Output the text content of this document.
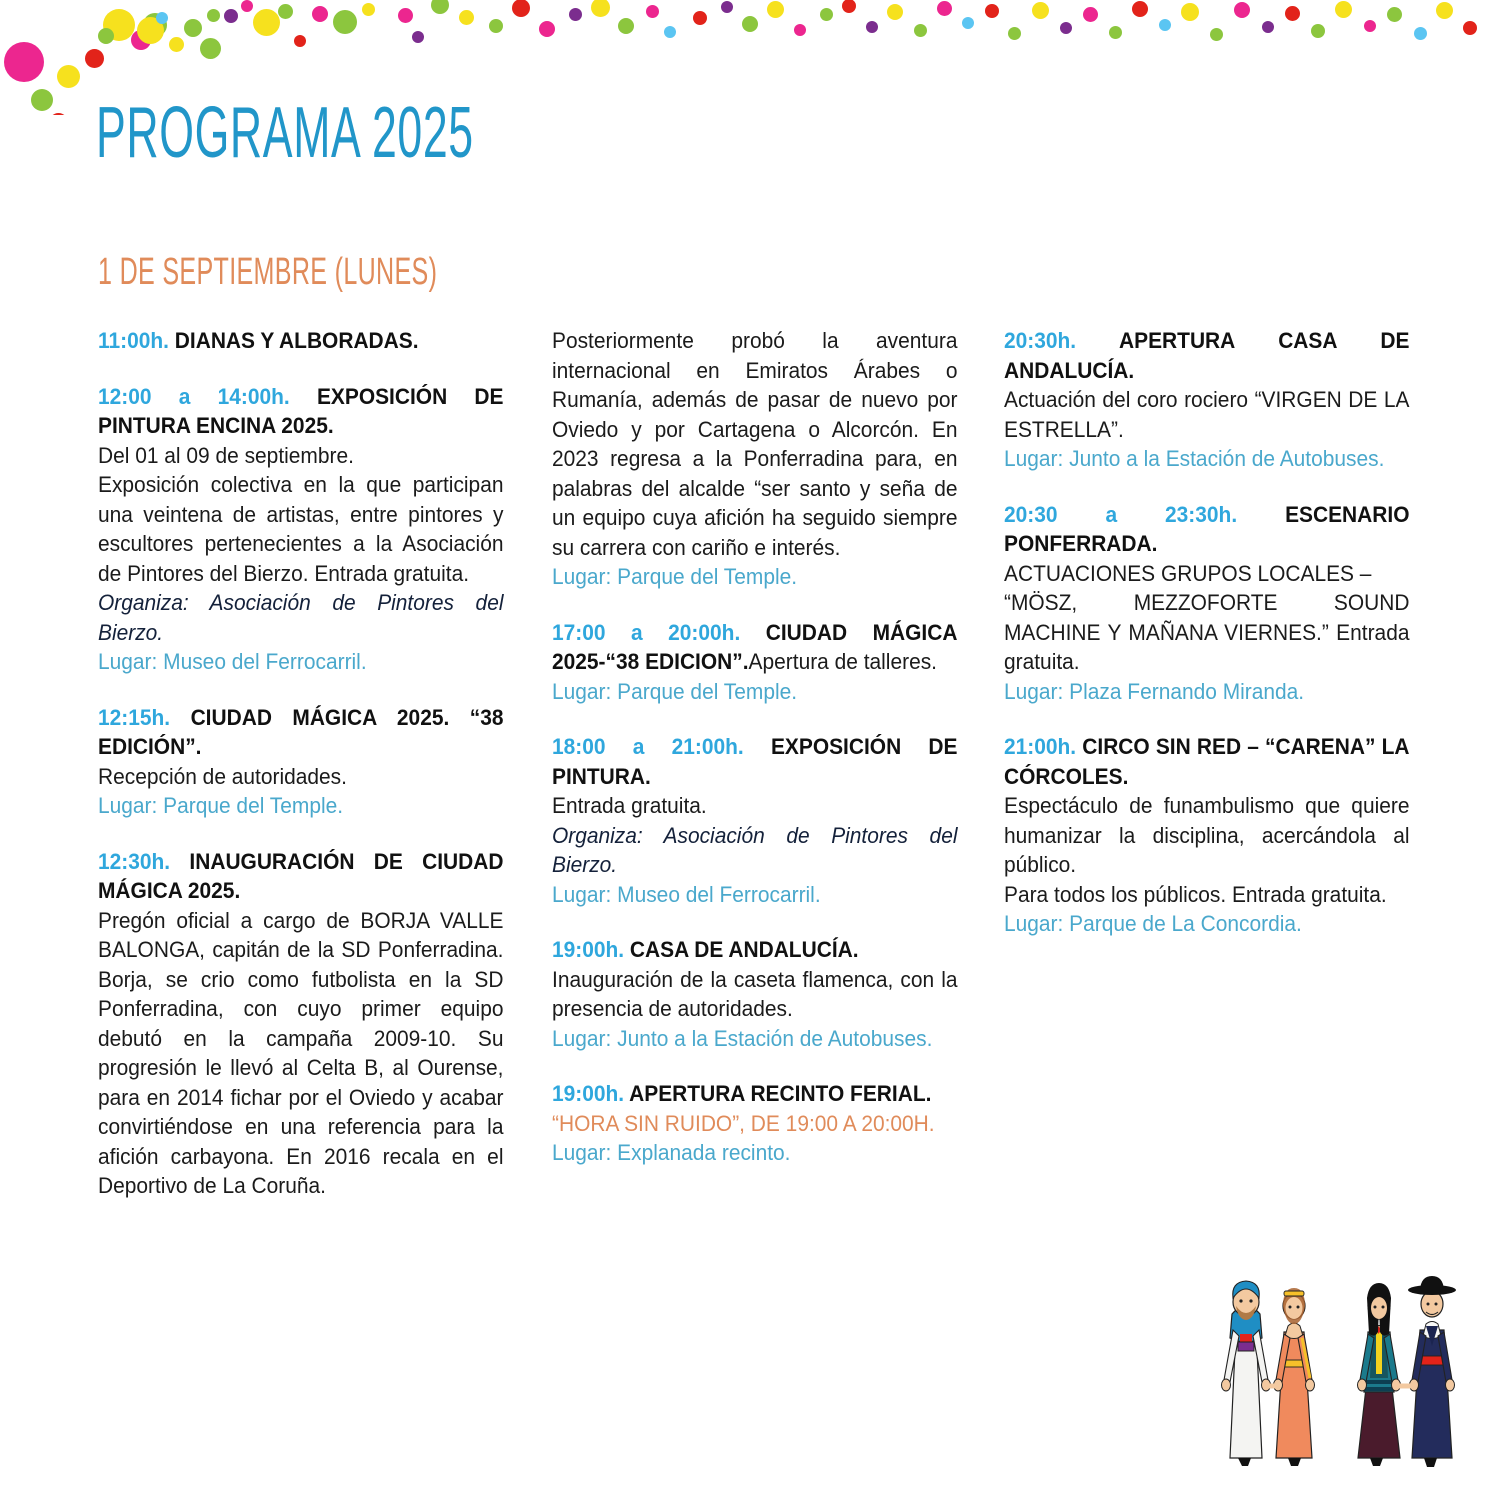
PROGRAMA 2025
1 DE SEPTIEMBRE (LUNES)

11:00h. DIANAS Y ALBORADAS.

12:00 a 14:00h. EXPOSICIÓN DE PINTURA ENCINA 2025.

Del 01 al 09 de septiembre.

Exposición colectiva en la que participan una veintena de artistas, entre pintores y escultores pertenecientes a la Asociación de Pintores del Bierzo. Entrada gratuita.

Organiza: Asociación de Pintores del Bierzo.

Lugar: Museo del Ferrocarril.

12:15h. CIUDAD MÁGICA 2025. “38 EDICIÓN”.

Recepción de autoridades.

Lugar: Parque del Temple.

12:30h. INAUGURACIÓN DE CIUDAD MÁGICA 2025.

Pregón oficial a cargo de BORJA VALLE BALONGA, capitán de la SD Ponferradina. Borja, se crio como futbolista en la SD Ponferradina, con cuyo primer equipo debutó en la campaña 2009-10. Su progresión le llevó al Celta B, al Ourense, para en 2014 fichar por el Oviedo y acabar convirtiéndose en una referencia para la afición carbayona. En 2016 recala en el Deportivo de La Coruña.

Posteriormente probó la aventura internacional en Emiratos Árabes o Rumanía, además de pasar de nuevo por Oviedo y por Cartagena o Alcorcón. En 2023 regresa a la Ponferradina para, en palabras del alcalde “ser santo y seña de un equipo cuya afición ha seguido siempre su carrera con cariño e interés.

Lugar: Parque del Temple.

17:00 a 20:00h. CIUDAD MÁGICA 2025-“38 EDICION”.Apertura de talleres.

Lugar: Parque del Temple.

18:00 a 21:00h. EXPOSICIÓN DE PINTURA.

Entrada gratuita.

Organiza: Asociación de Pintores del Bierzo.

Lugar: Museo del Ferrocarril.

19:00h. CASA DE ANDALUCÍA.

Inauguración de la caseta flamenca, con la presencia de autoridades.

Lugar: Junto a la Estación de Autobuses.

19:00h. APERTURA RECINTO FERIAL.

“HORA SIN RUIDO”, DE 19:00 A 20:00H.

Lugar: Explanada recinto.

20:30h. APERTURA CASA DE ANDALUCÍA.

Actuación del coro rociero “VIRGEN DE LA ESTRELLA”.

Lugar: Junto a la Estación de Autobuses.

20:30 a 23:30h. ESCENARIO PONFERRADA.

ACTUACIONES GRUPOS LOCALES –

“MÖSZ, MEZZOFORTE SOUND MACHINE Y MAÑANA VIERNES.” Entrada gratuita.

Lugar: Plaza Fernando Miranda.

21:00h. CIRCO SIN RED – “CARENA” LA CÓRCOLES.

Espectáculo de funambulismo que quiere humanizar la disciplina, acercándola al público.

Para todos los públicos. Entrada gratuita.

Lugar: Parque de La Concordia.
